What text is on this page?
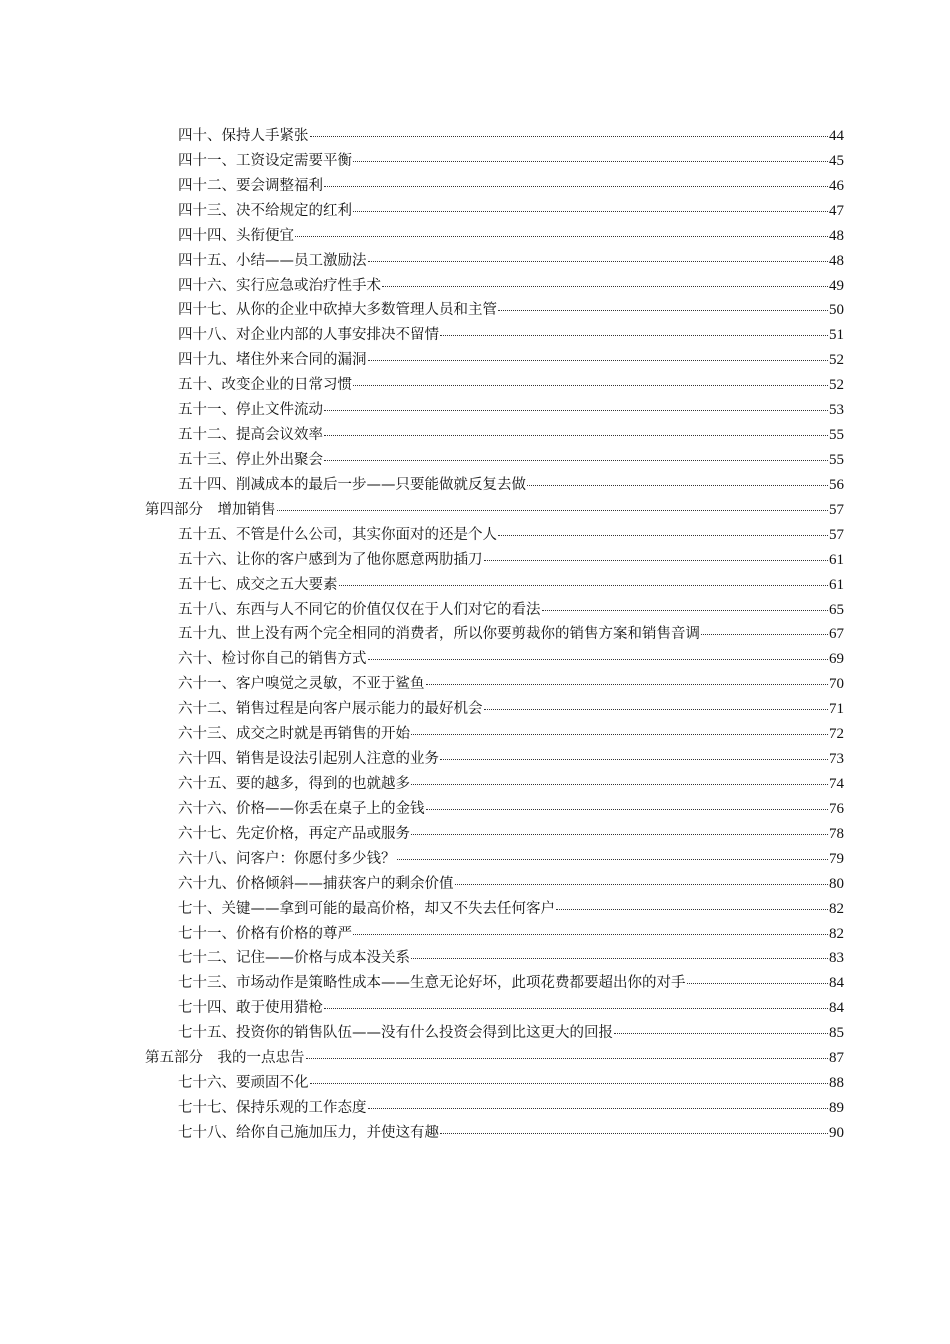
四十、保持人手紧张	44
四十一、工资设定需要平衡	45
四十二、要会调整福利	46
四十三、决不给规定的红利	47
四十四、头衔便宜	48
四十五、小结——员工激励法	48
四十六、实行应急或治疗性手术	49
四十七、从你的企业中砍掉大多数管理人员和主管	50
四十八、对企业内部的人事安排决不留情	51
四十九、堵住外来合同的漏洞	52
五十、改变企业的日常习惯	52
五十一、停止文件流动	53
五十二、提高会议效率	55
五十三、停止外出聚会	55
五十四、削减成本的最后一步——只要能做就反复去做	56
第四部分　增加销售	57
五十五、不管是什么公司，其实你面对的还是个人	57
五十六、让你的客户感到为了他你愿意两肋插刀	61
五十七、成交之五大要素	61
五十八、东西与人不同它的价值仅仅在于人们对它的看法	65
五十九、世上没有两个完全相同的消费者，所以你要剪裁你的销售方案和销售音调	67
六十、检讨你自己的销售方式	69
六十一、客户嗅觉之灵敏，不亚于鲨鱼	70
六十二、销售过程是向客户展示能力的最好机会	71
六十三、成交之时就是再销售的开始	72
六十四、销售是设法引起别人注意的业务	73
六十五、要的越多，得到的也就越多	74
六十六、价格——你丢在桌子上的金钱	76
六十七、先定价格，再定产品或服务	78
六十八、问客户：你愿付多少钱？	79
六十九、价格倾斜——捕获客户的剩余价值	80
七十、关键——拿到可能的最高价格，却又不失去任何客户	82
七十一、价格有价格的尊严	82
七十二、记住——价格与成本没关系	83
七十三、市场动作是策略性成本——生意无论好坏，此项花费都要超出你的对手	84
七十四、敢于使用猎枪	84
七十五、投资你的销售队伍——没有什么投资会得到比这更大的回报	85
第五部分　我的一点忠告	87
七十六、要顽固不化	88
七十七、保持乐观的工作态度	89
七十八、给你自己施加压力，并使这有趣	90
